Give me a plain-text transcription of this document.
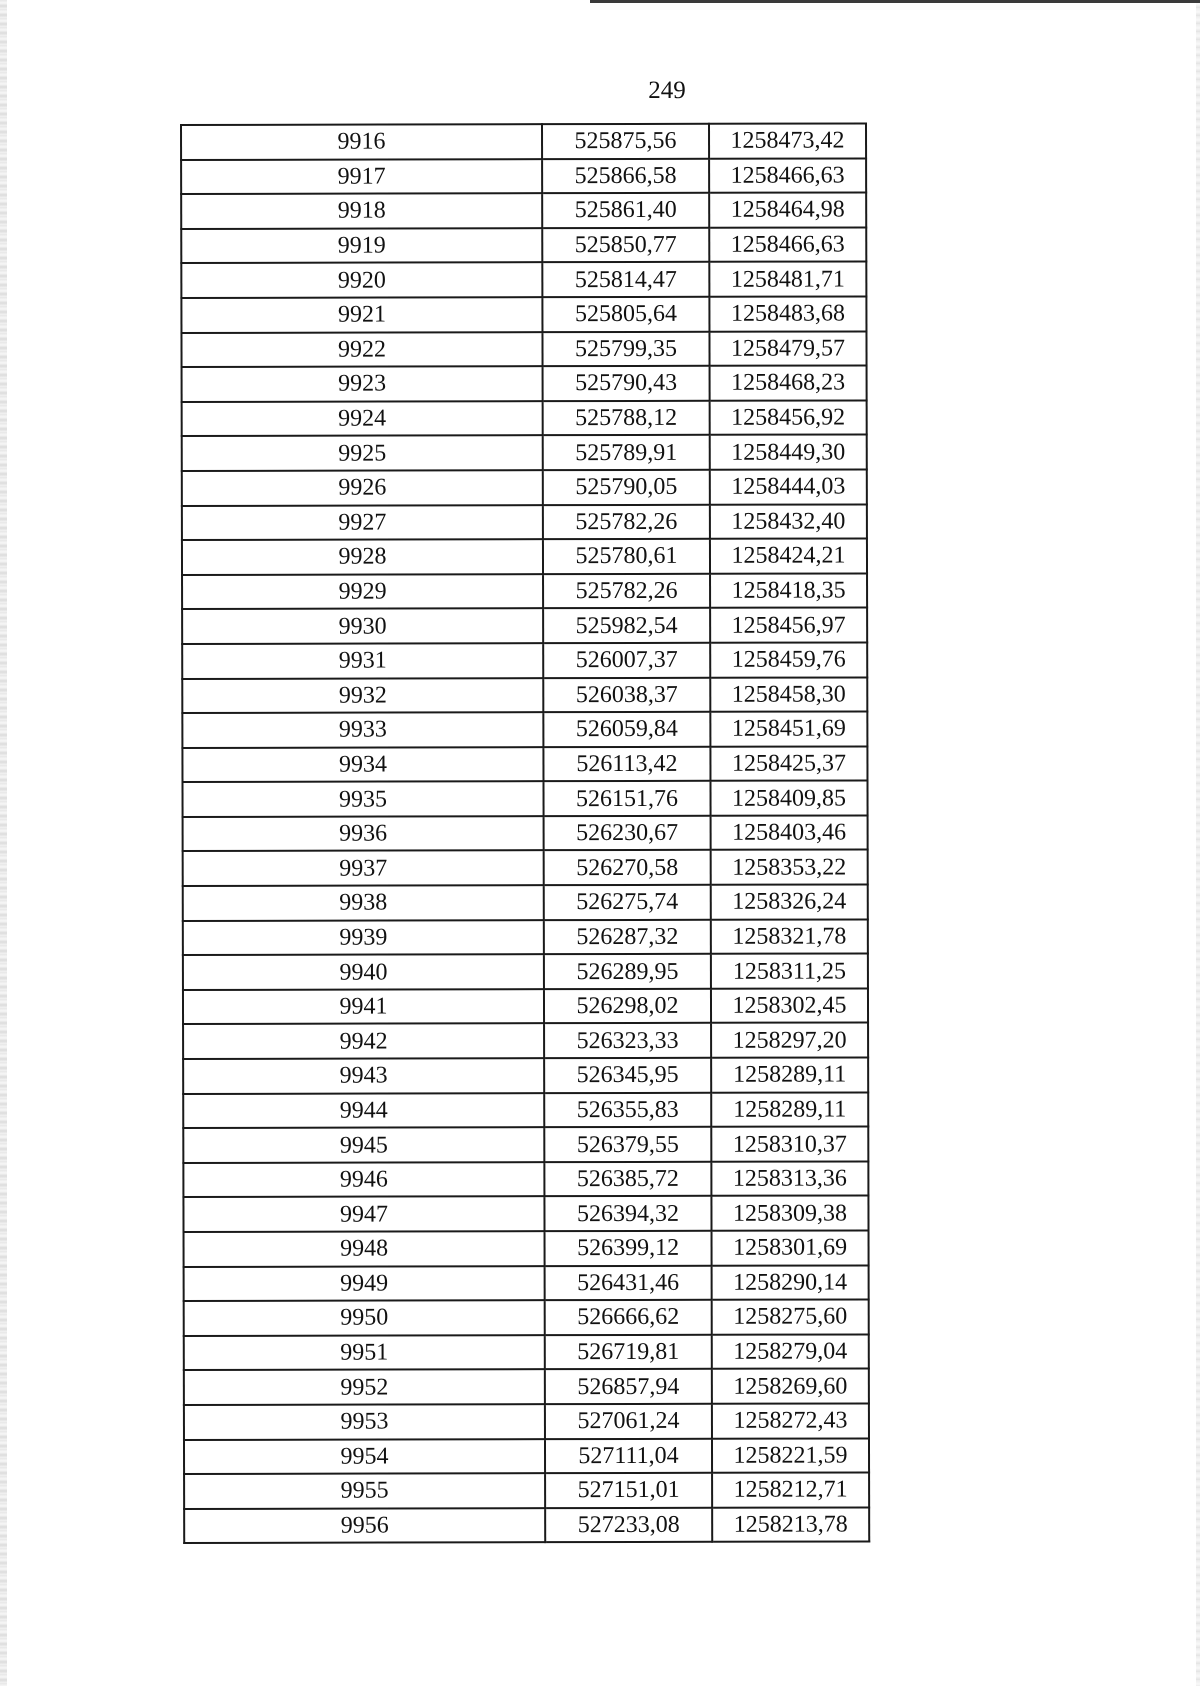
249
9916	525875,56	1258473,42
9917	525866,58	1258466,63
9918	525861,40	1258464,98
9919	525850,77	1258466,63
9920	525814,47	1258481,71
9921	525805,64	1258483,68
9922	525799,35	1258479,57
9923	525790,43	1258468,23
9924	525788,12	1258456,92
9925	525789,91	1258449,30
9926	525790,05	1258444,03
9927	525782,26	1258432,40
9928	525780,61	1258424,21
9929	525782,26	1258418,35
9930	525982,54	1258456,97
9931	526007,37	1258459,76
9932	526038,37	1258458,30
9933	526059,84	1258451,69
9934	526113,42	1258425,37
9935	526151,76	1258409,85
9936	526230,67	1258403,46
9937	526270,58	1258353,22
9938	526275,74	1258326,24
9939	526287,32	1258321,78
9940	526289,95	1258311,25
9941	526298,02	1258302,45
9942	526323,33	1258297,20
9943	526345,95	1258289,11
9944	526355,83	1258289,11
9945	526379,55	1258310,37
9946	526385,72	1258313,36
9947	526394,32	1258309,38
9948	526399,12	1258301,69
9949	526431,46	1258290,14
9950	526666,62	1258275,60
9951	526719,81	1258279,04
9952	526857,94	1258269,60
9953	527061,24	1258272,43
9954	527111,04	1258221,59
9955	527151,01	1258212,71
9956	527233,08	1258213,78
